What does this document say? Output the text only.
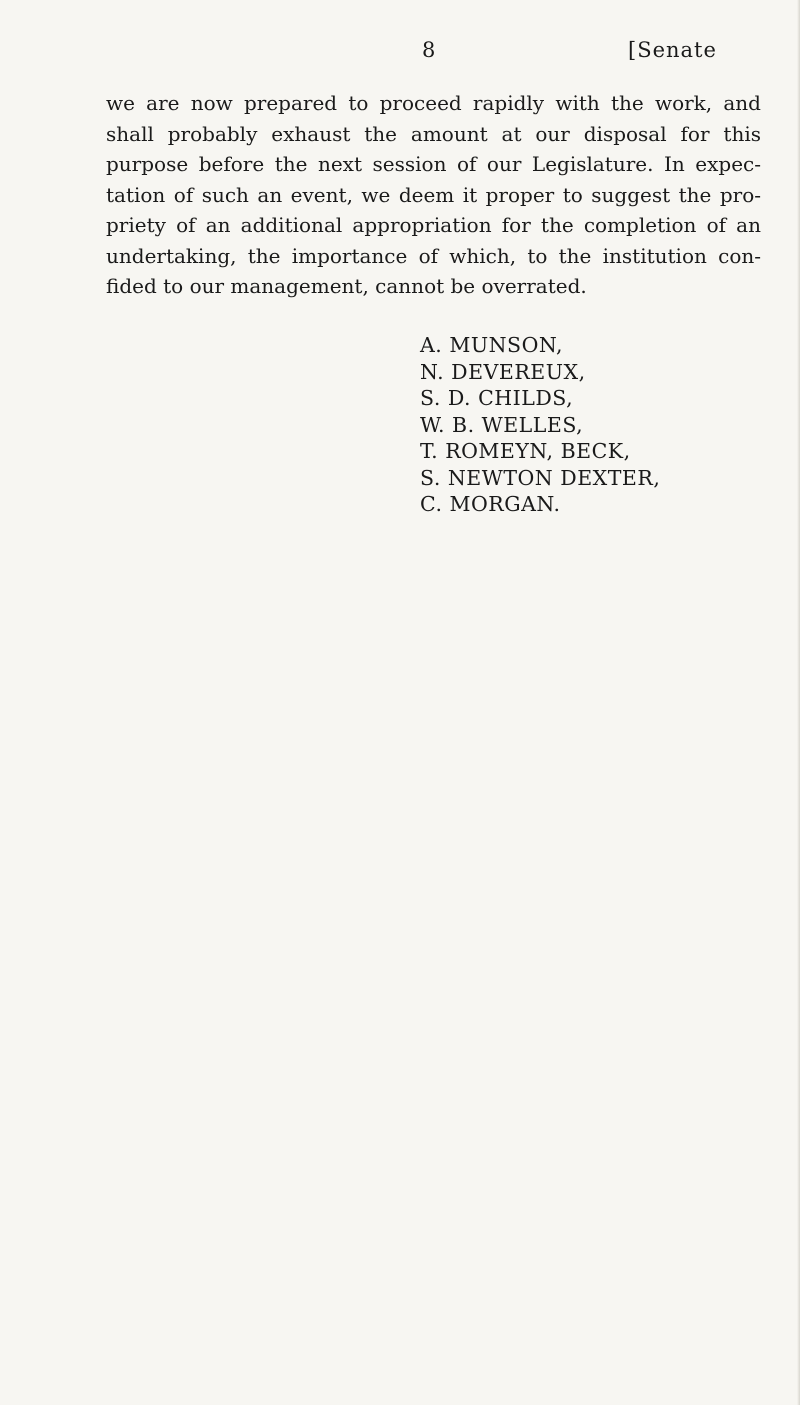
8	[Senate
we are now prepared to proceed rapidly with the work, and
shall probably exhaust the amount at our disposal for this
purpose before the next session of our Legislature. In expec-
tation of such an event, we deem it proper to suggest the pro-
priety of an additional appropriation for the completion of an
undertaking, the importance of which, to the institution con-
fided to our management, cannot be overrated.
A. MUNSON,
N. DEVEREUX,
S. D. CHILDS,
W. B. WELLES,
T. ROMEYN, BECK,
S. NEWTON DEXTER,
C. MORGAN.
